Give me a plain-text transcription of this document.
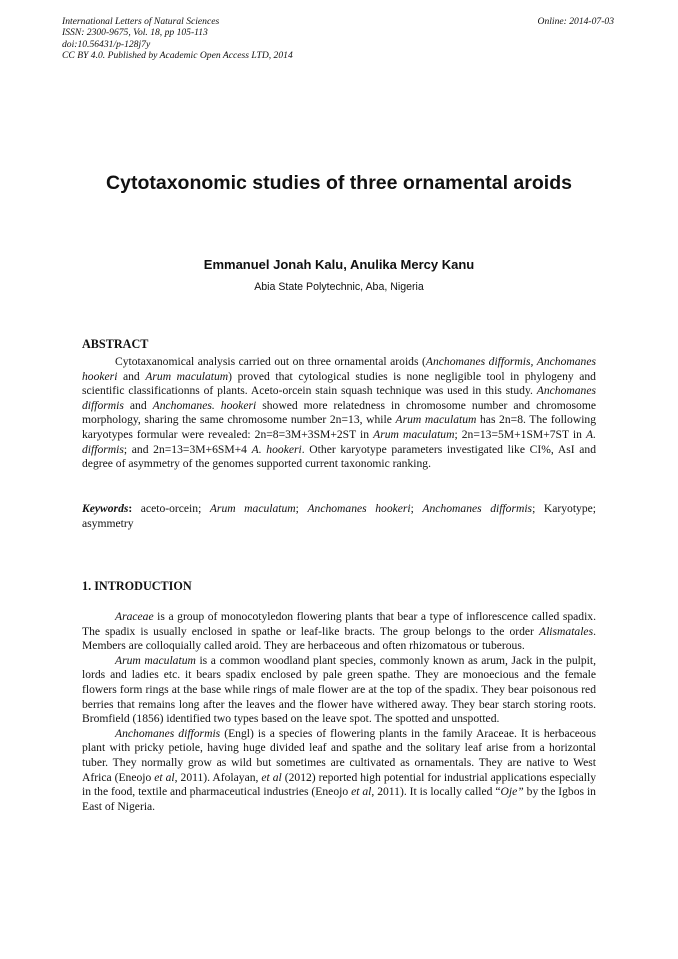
International Letters of Natural Sciences
ISSN: 2300-9675, Vol. 18, pp 105-113
doi:10.56431/p-128j7y
CC BY 4.0. Published by Academic Open Access LTD, 2014
Online: 2014-07-03
Cytotaxonomic studies of three ornamental aroids
Emmanuel Jonah Kalu, Anulika Mercy Kanu
Abia State Polytechnic, Aba, Nigeria
ABSTRACT

Cytotaxanomical analysis carried out on three ornamental aroids (Anchomanes difformis, Anchomanes hookeri and Arum maculatum) proved that cytological studies is none negligible tool in phylogeny and scientific classificationns of plants. Aceto-orcein stain squash technique was used in this study. Anchomanes difformis and Anchomanes. hookeri showed more relatedness in chromosome number and chromosome morphology, sharing the same chromosome number 2n=13, while Arum maculatum has 2n=8. The following karyotypes formular were revealed: 2n=8=3M+3SM+2ST in Arum maculatum; 2n=13=5M+1SM+7ST in A. difformis; and 2n=13=3M+6SM+4 A. hookeri. Other karyotype parameters investigated like CI%, AsI and degree of asymmetry of the genomes supported current taxonomic ranking.

Keywords: aceto-orcein; Arum maculatum; Anchomanes hookeri; Anchomanes difformis; Karyotype; asymmetry
1. INTRODUCTION

Araceae is a group of monocotyledon flowering plants that bear a type of inflorescence called spadix. The spadix is usually enclosed in spathe or leaf-like bracts. The group belongs to the order Alismatales. Members are colloquially called aroid. They are herbaceous and often rhizomatous or tuberous.

Arum maculatum is a common woodland plant species, commonly known as arum, Jack in the pulpit, lords and ladies etc. it bears spadix enclosed by pale green spathe. They are monoecious and the female flowers form rings at the base while rings of male flower are at the top of the spadix. They bear poisonous red berries that remains long after the leaves and the flower have withered away. They bear starch storing roots. Bromfield (1856) identified two types based on the leave spot. The spotted and unspotted.

Anchomanes difformis (Engl) is a species of flowering plants in the family Araceae. It is herbaceous plant with pricky petiole, having huge divided leaf and spathe and the solitary leaf arise from a horizontal tuber. They normally grow as wild but sometimes are cultivated as ornamentals. They are native to West Africa (Eneojo et al, 2011). Afolayan, et al (2012) reported high potential for industrial applications especially in the food, textile and pharmaceutical industries (Eneojo et al, 2011). It is locally called “Oje” by the Igbos in East of Nigeria.
